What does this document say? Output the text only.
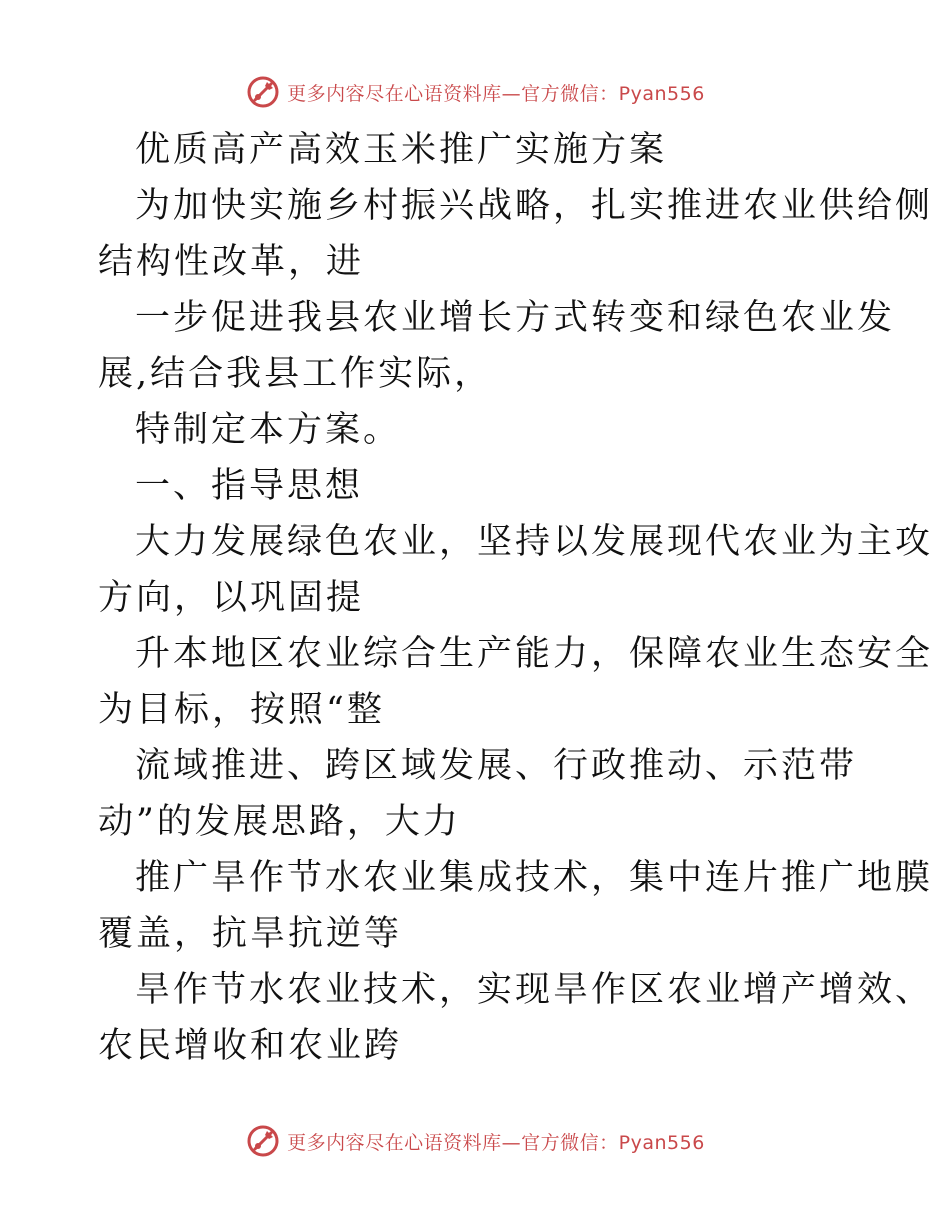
更多内容尽在心语资料库—官方微信：Pyan556

优质高产高效玉米推广实施方案

为加快实施乡村振兴战略，扎实推进农业供给侧

结构性改革，进

一步促进我县农业增长方式转变和绿色农业发

展,结合我县工作实际，

特制定本方案。

一、指导思想

大力发展绿色农业，坚持以发展现代农业为主攻

方向，以巩固提

升本地区农业综合生产能力，保障农业生态安全

为目标，按照“整

流域推进、跨区域发展、行政推动、示范带

动”的发展思路，大力

推广旱作节水农业集成技术，集中连片推广地膜

覆盖，抗旱抗逆等

旱作节水农业技术，实现旱作区农业增产增效、

农民增收和农业跨

更多内容尽在心语资料库—官方微信：Pyan556
